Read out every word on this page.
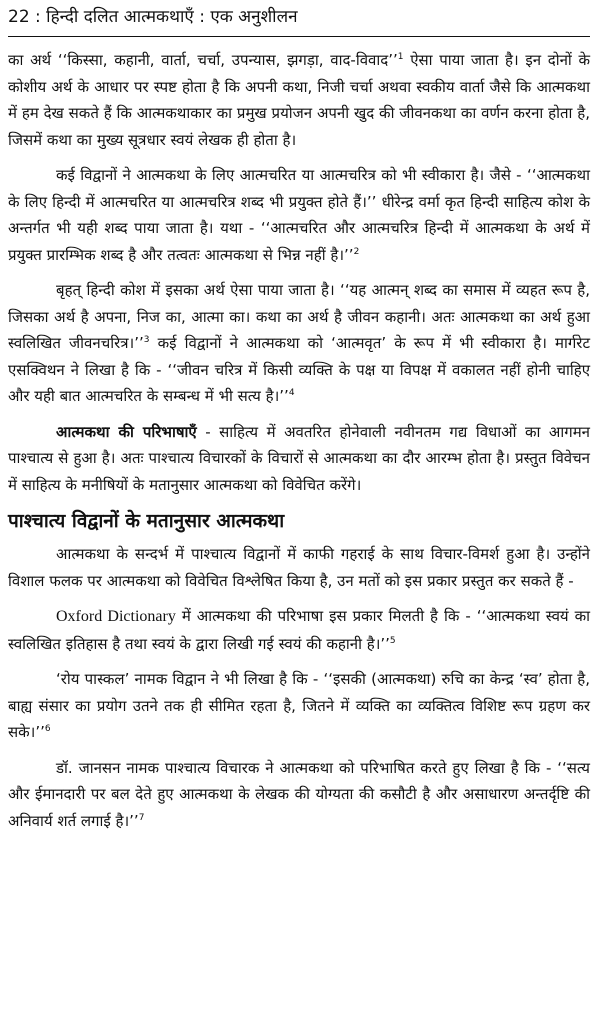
22 : हिन्दी दलित आत्मकथाएँ : एक अनुशीलन

का अर्थ ‘‘किस्सा, कहानी, वार्ता, चर्चा, उपन्यास, झगड़ा, वाद-विवाद’’$^1$ ऐसा पाया जाता है। इन दोनों के कोशीय अर्थ के आधार पर स्पष्ट होता है कि अपनी कथा, निजी चर्चा अथवा स्वकीय वार्ता जैसे कि आत्मकथा में हम देख सकते हैं कि आत्मकथाकार का प्रमुख प्रयोजन अपनी खुद की जीवनकथा का वर्णन करना होता है, जिसमें कथा का मुख्य सूत्रधार स्वयं लेखक ही होता है।

कई विद्वानों ने आत्मकथा के लिए आत्मचरित या आत्मचरित्र को भी स्वीकारा है। जैसे - ‘‘आत्मकथा के लिए हिन्दी में आत्मचरित या आत्मचरित्र शब्द भी प्रयुक्त होते हैं।’’ धीरेन्द्र वर्मा कृत हिन्दी साहित्य कोश के अन्तर्गत भी यही शब्द पाया जाता है। यथा - ‘‘आत्मचरित और आत्मचरित्र हिन्दी में आत्मकथा के अर्थ में प्रयुक्त प्रारम्भिक शब्द है और तत्वतः आत्मकथा से भिन्न नहीं है।’’$^2$

बृहत् हिन्दी कोश में इसका अर्थ ऐसा पाया जाता है। ‘‘यह आत्मन् शब्द का समास में व्यहत रूप है, जिसका अर्थ है अपना, निज का, आत्मा का। कथा का अर्थ है जीवन कहानी। अतः आत्मकथा का अर्थ हुआ स्वलिखित जीवनचरित्र।’’$^3$ कई विद्वानों ने आत्मकथा को ‘आत्मवृत’ के रूप में भी स्वीकारा है। मार्गरेट एसक्विथन ने लिखा है कि - ‘‘जीवन चरित्र में किसी व्यक्ति के पक्ष या विपक्ष में वकालत नहीं होनी चाहिए और यही बात आत्मचरित के सम्बन्ध में भी सत्य है।’’$^4$

आत्मकथा की परिभाषाएँ - साहित्य में अवतरित होनेवाली नवीनतम गद्य विधाओं का आगमन पाश्चात्य से हुआ है। अतः पाश्चात्य विचारकों के विचारों से आत्मकथा का दौर आरम्भ होता है। प्रस्तुत विवेचन में साहित्य के मनीषियों के मतानुसार आत्मकथा को विवेचित करेंगे।

पाश्चात्य विद्वानों के मतानुसार आत्मकथा

आत्मकथा के सन्दर्भ में पाश्चात्य विद्वानों में काफी गहराई के साथ विचार-विमर्श हुआ है। उन्होंने विशाल फलक पर आत्मकथा को विवेचित विश्लेषित किया है, उन मतों को इस प्रकार प्रस्तुत कर सकते हैं -

Oxford Dictionary में आत्मकथा की परिभाषा इस प्रकार मिलती है कि - ‘‘आत्मकथा स्वयं का स्वलिखित इतिहास है तथा स्वयं के द्वारा लिखी गई स्वयं की कहानी है।’’$^5$

‘रोय पास्कल’ नामक विद्वान ने भी लिखा है कि - ‘‘इसकी (आत्मकथा) रुचि का केन्द्र ‘स्व’ होता है, बाह्य संसार का प्रयोग उतने तक ही सीमित रहता है, जितने में व्यक्ति का व्यक्तित्व विशिष्ट रूप ग्रहण कर सके।’’$^6$

डॉ. जानसन नामक पाश्चात्य विचारक ने आत्मकथा को परिभाषित करते हुए लिखा है कि - ‘‘सत्य और ईमानदारी पर बल देते हुए आत्मकथा के लेखक की योग्यता की कसौटी है और असाधारण अन्तर्दृष्टि की अनिवार्य शर्त लगाई है।’’$^7$
